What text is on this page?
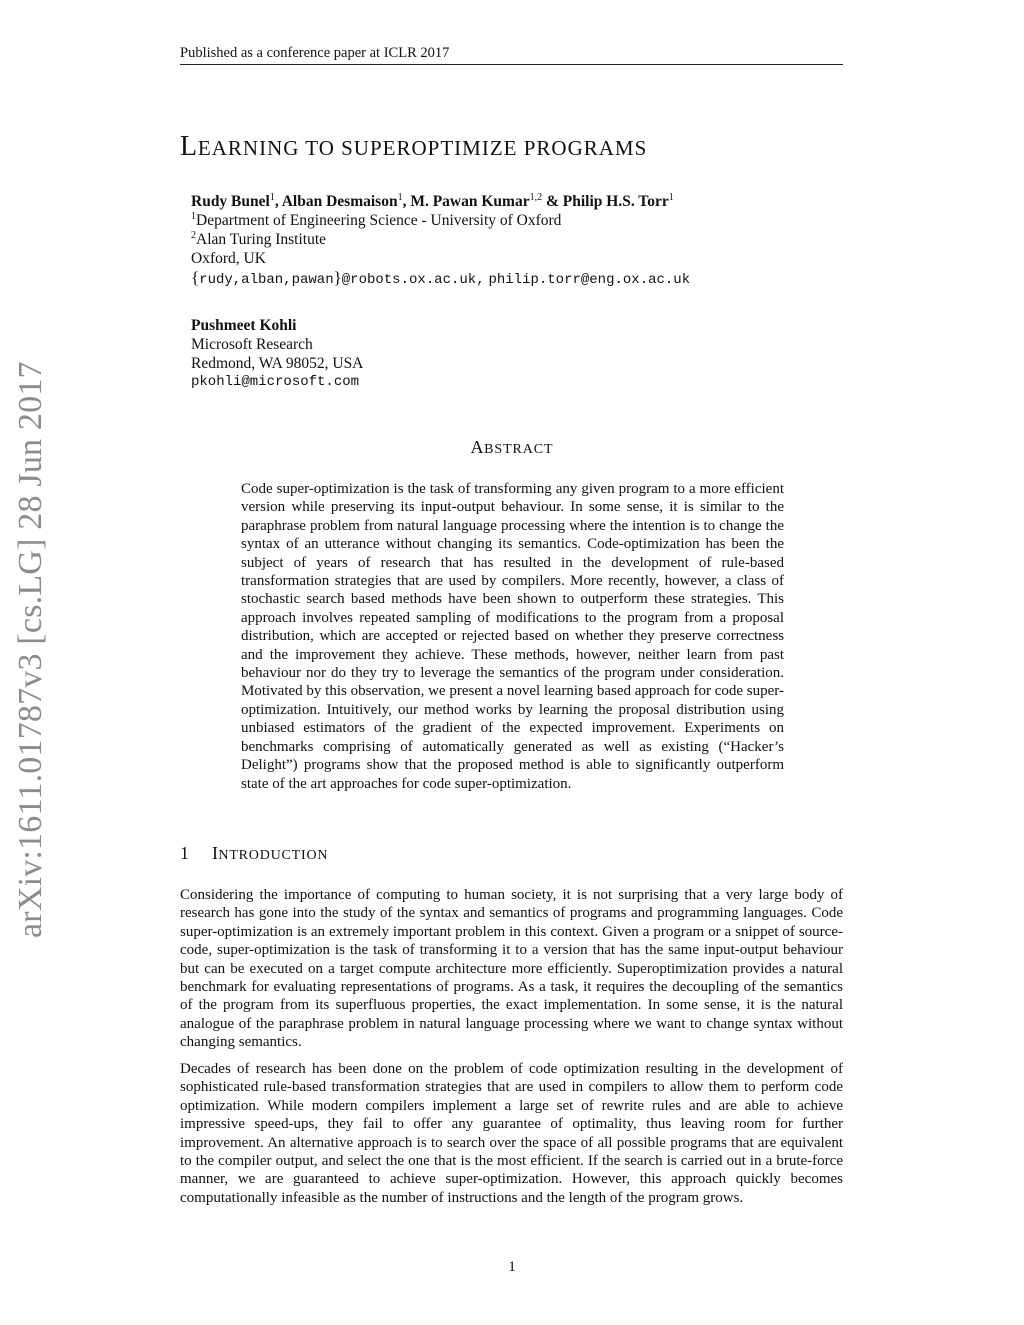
Published as a conference paper at ICLR 2017
arXiv:1611.01787v3 [cs.LG] 28 Jun 2017
LEARNING TO SUPEROPTIMIZE PROGRAMS
Rudy Bunel$^1$, Alban Desmaison$^1$, M. Pawan Kumar$^{1,2}$ & Philip H.S. Torr$^1$
$^1$Department of Engineering Science - University of Oxford
$^2$Alan Turing Institute
Oxford, UK
{rudy,alban,pawan}@robots.ox.ac.uk, philip.torr@eng.ox.ac.uk
Pushmeet Kohli
Microsoft Research
Redmond, WA 98052, USA
pkohli@microsoft.com
ABSTRACT
Code super-optimization is the task of transforming any given program to a more efficient version while preserving its input-output behaviour. In some sense, it is similar to the paraphrase problem from natural language processing where the intention is to change the syntax of an utterance without changing its semantics. Code-optimization has been the subject of years of research that has resulted in the development of rule-based transformation strategies that are used by compilers. More recently, however, a class of stochastic search based methods have been shown to outperform these strategies. This approach involves repeated sampling of modifications to the program from a proposal distribution, which are accepted or rejected based on whether they preserve correctness and the improvement they achieve. These methods, however, neither learn from past behaviour nor do they try to leverage the semantics of the program under consideration. Motivated by this observation, we present a novel learning based approach for code super-optimization. Intuitively, our method works by learning the proposal distribution using unbiased estimators of the gradient of the expected improvement. Experiments on benchmarks comprising of automatically generated as well as existing (“Hacker’s Delight”) programs show that the proposed method is able to significantly outperform state of the art approaches for code super-optimization.
1 INTRODUCTION
Considering the importance of computing to human society, it is not surprising that a very large body of research has gone into the study of the syntax and semantics of programs and programming languages. Code super-optimization is an extremely important problem in this context. Given a program or a snippet of source-code, super-optimization is the task of transforming it to a version that has the same input-output behaviour but can be executed on a target compute architecture more efficiently. Superoptimization provides a natural benchmark for evaluating representations of programs. As a task, it requires the decoupling of the semantics of the program from its superfluous properties, the exact implementation. In some sense, it is the natural analogue of the paraphrase problem in natural language processing where we want to change syntax without changing semantics.
Decades of research has been done on the problem of code optimization resulting in the development of sophisticated rule-based transformation strategies that are used in compilers to allow them to perform code optimization. While modern compilers implement a large set of rewrite rules and are able to achieve impressive speed-ups, they fail to offer any guarantee of optimality, thus leaving room for further improvement. An alternative approach is to search over the space of all possible programs that are equivalent to the compiler output, and select the one that is the most efficient. If the search is carried out in a brute-force manner, we are guaranteed to achieve super-optimization. However, this approach quickly becomes computationally infeasible as the number of instructions and the length of the program grows.
1
